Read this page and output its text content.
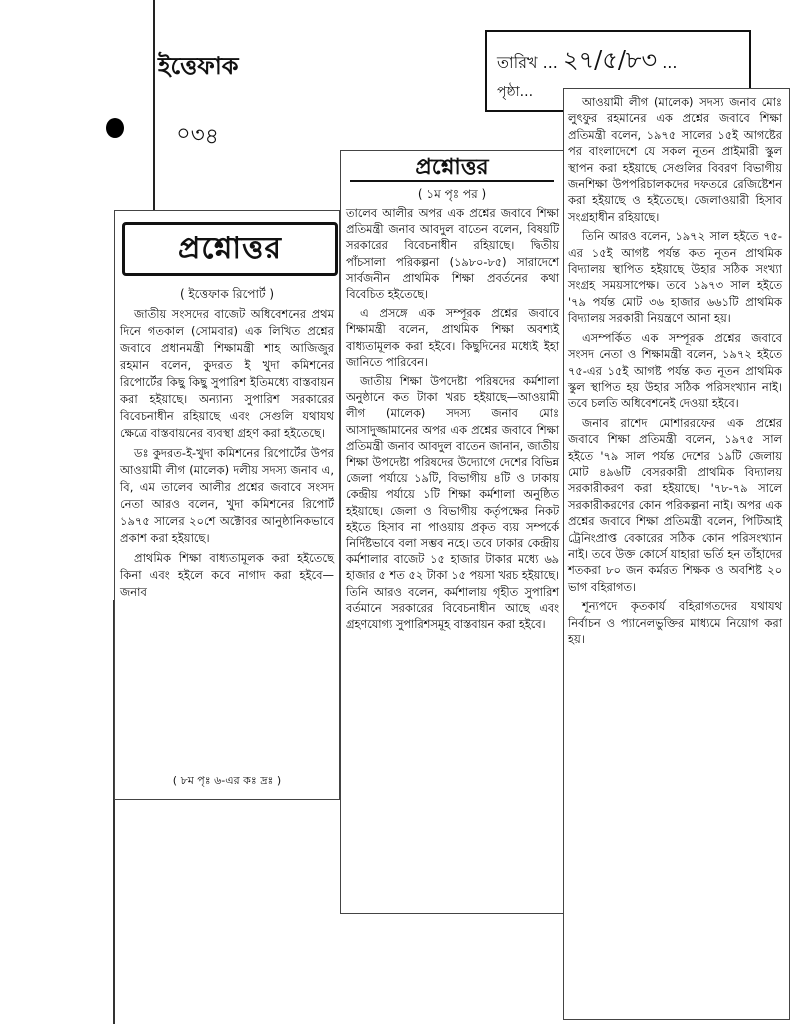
ইত্তেফাক
০৩৪
তারিখ ... ২৭/৫/৮৩ ...
পৃষ্ঠা...
প্রশ্নোত্তর
( ইত্তেফাক রিপোর্ট )

জাতীয় সংসদের বাজেট অধিবেশনের প্রথম দিনে গতকাল (সোমবার) এক লিখিত প্রশ্নের জবাবে প্রধানমন্ত্রী শিক্ষামন্ত্রী শাহ আজিজুর রহমান বলেন, কুদরত ই খুদা কমিশনের রিপোর্টের কিছু কিছু সুপারিশ ইতিমধ্যে বাস্তবায়ন করা হইয়াছে। অন্যান্য সুপারিশ সরকারের বিবেচনাধীন রহিয়াছে এবং সেগুলি যথাযথ ক্ষেত্রে বাস্তবায়নের ব্যবস্থা গ্রহণ করা হইতেছে।

ডঃ কুদরত-ই-খুদা কমিশনের রিপোর্টের উপর আওয়ামী লীগ (মালেক) দলীয় সদস্য জনাব এ, বি, এম তালেব আলীর প্রশ্নের জবাবে সংসদ নেতা আরও বলেন, খুদা কমিশনের রিপোর্ট ১৯৭৫ সালের ২০শে অক্টোবর আনুষ্ঠানিকভাবে প্রকাশ করা হইয়াছে।

প্রাথমিক শিক্ষা বাধ্যতামূলক করা হইতেছে কিনা এবং হইলে কবে নাগাদ করা হইবে—জনাব

( ৮ম পৃঃ ৬-এর কঃ দ্রঃ )
প্রশ্নোত্তর
( ১ম পৃঃ পর )

তালেব আলীর অপর এক প্রশ্নের জবাবে শিক্ষা প্রতিমন্ত্রী জনাব আবদুল বাতেন বলেন, বিষয়টি সরকারের বিবেচনাধীন রহিয়াছে। দ্বিতীয় পাঁচসালা পরিকল্পনা (১৯৮০-৮৫) সারাদেশে সার্বজনীন প্রাথমিক শিক্ষা প্রবর্তনের কথা বিবেচিত হইতেছে।

এ প্রসঙ্গে এক সম্পূরক প্রশ্নের জবাবে শিক্ষামন্ত্রী বলেন, প্রাথমিক শিক্ষা অবশ্যই বাধ্যতামূলক করা হইবে। কিছুদিনের মধ্যেই ইহা জানিতে পারিবেন।

জাতীয় শিক্ষা উপদেষ্টা পরিষদের কর্মশালা অনুষ্ঠানে কত টাকা খরচ হইয়াছে—আওয়ামী লীগ (মালেক) সদস্য জনাব মোঃ আসাদুজ্জামানের অপর এক প্রশ্নের জবাবে শিক্ষা প্রতিমন্ত্রী জনাব আবদুল বাতেন জানান, জাতীয় শিক্ষা উপদেষ্টা পরিষদের উদ্যোগে দেশের বিভিন্ন জেলা পর্যায়ে ১৯টি, বিভাগীয় ৪টি ও ঢাকায় কেন্দ্রীয় পর্যায়ে ১টি শিক্ষা কর্মশালা অনুষ্ঠিত হইয়াছে। জেলা ও বিভাগীয় কর্তৃপক্ষের নিকট হইতে হিসাব না পাওয়ায় প্রকৃত ব্যয় সম্পর্কে নির্দিষ্টভাবে বলা সম্ভব নহে। তবে ঢাকার কেন্দ্রীয় কর্মশালার বাজেট ১৫ হাজার টাকার মধ্যে ৬৯ হাজার ৫ শত ৫২ টাকা ১৫ পয়সা খরচ হইয়াছে। তিনি আরও বলেন, কর্মশালায় গৃহীত সুপারিশ বর্তমানে সরকারের বিবেচনাধীন আছে এবং গ্রহণযোগ্য সুপারিশসমূহ বাস্তবায়ন করা হইবে।

আওয়ামী লীগ (মালেক) সদস্য জনাব মোঃ লুৎফুর রহমানের এক প্রশ্নের জবাবে শিক্ষা প্রতিমন্ত্রী বলেন, ১৯৭৫ সালের ১৫ই আগষ্টের পর বাংলাদেশে যে সকল নূতন প্রাইমারী স্কুল স্থাপন করা হইয়াছে সেগুলির বিবরণ বিভাগীয় জনশিক্ষা উপপরিচালকদের দফতরে রেজিষ্টেশন করা হইয়াছে ও হইতেছে। জেলাওয়ারী হিসাব সংগ্রহাধীন রহিয়াছে।

তিনি আরও বলেন, ১৯৭২ সাল হইতে ৭৫-এর ১৫ই আগষ্ট পর্যন্ত কত নূতন প্রাথমিক বিদ্যালয় স্থাপিত হইয়াছে উহার সঠিক সংখ্যা সংগ্রহ সময়সাপেক্ষ। তবে ১৯৭৩ সাল হইতে '৭৯ পর্যন্ত মোট ৩৬ হাজার ৬৬১টি প্রাথমিক বিদ্যালয় সরকারী নিয়ন্ত্রণে আনা হয়।

এসম্পর্কিত এক সম্পূরক প্রশ্নের জবাবে সংসদ নেতা ও শিক্ষামন্ত্রী বলেন, ১৯৭২ হইতে ৭৫-এর ১৫ই আগষ্ট পর্যন্ত কত নূতন প্রাথমিক স্কুল স্থাপিত হয় উহার সঠিক পরিসংখ্যান নাই। তবে চলতি অধিবেশনেই দেওয়া হইবে।

জনাব রাশেদ মোশাররফের এক প্রশ্নের জবাবে শিক্ষা প্রতিমন্ত্রী বলেন, ১৯৭৫ সাল হইতে '৭৯ সাল পর্যন্ত দেশের ১৯টি জেলায় মোট ৪৯৬টি বেসরকারী প্রাথমিক বিদ্যালয় সরকারীকরণ করা হইয়াছে। '৭৮-৭৯ সালে সরকারীকরণের কোন পরিকল্পনা নাই। অপর এক প্রশ্নের জবাবে শিক্ষা প্রতিমন্ত্রী বলেন, পিটিআই ট্রেনিংপ্রাপ্ত বেকারের সঠিক কোন পরিসংখ্যান নাই। তবে উক্ত কোর্সে যাহারা ভর্তি হন তাঁহাদের শতকরা ৮০ জন কর্মরত শিক্ষক ও অবশিষ্ট ২০ ভাগ বহিরাগত।

শূন্যপদে কৃতকার্য বহিরাগতদের যথাযথ নির্বাচন ও প্যানেলভুক্তির মাধ্যমে নিয়োগ করা হয়।
